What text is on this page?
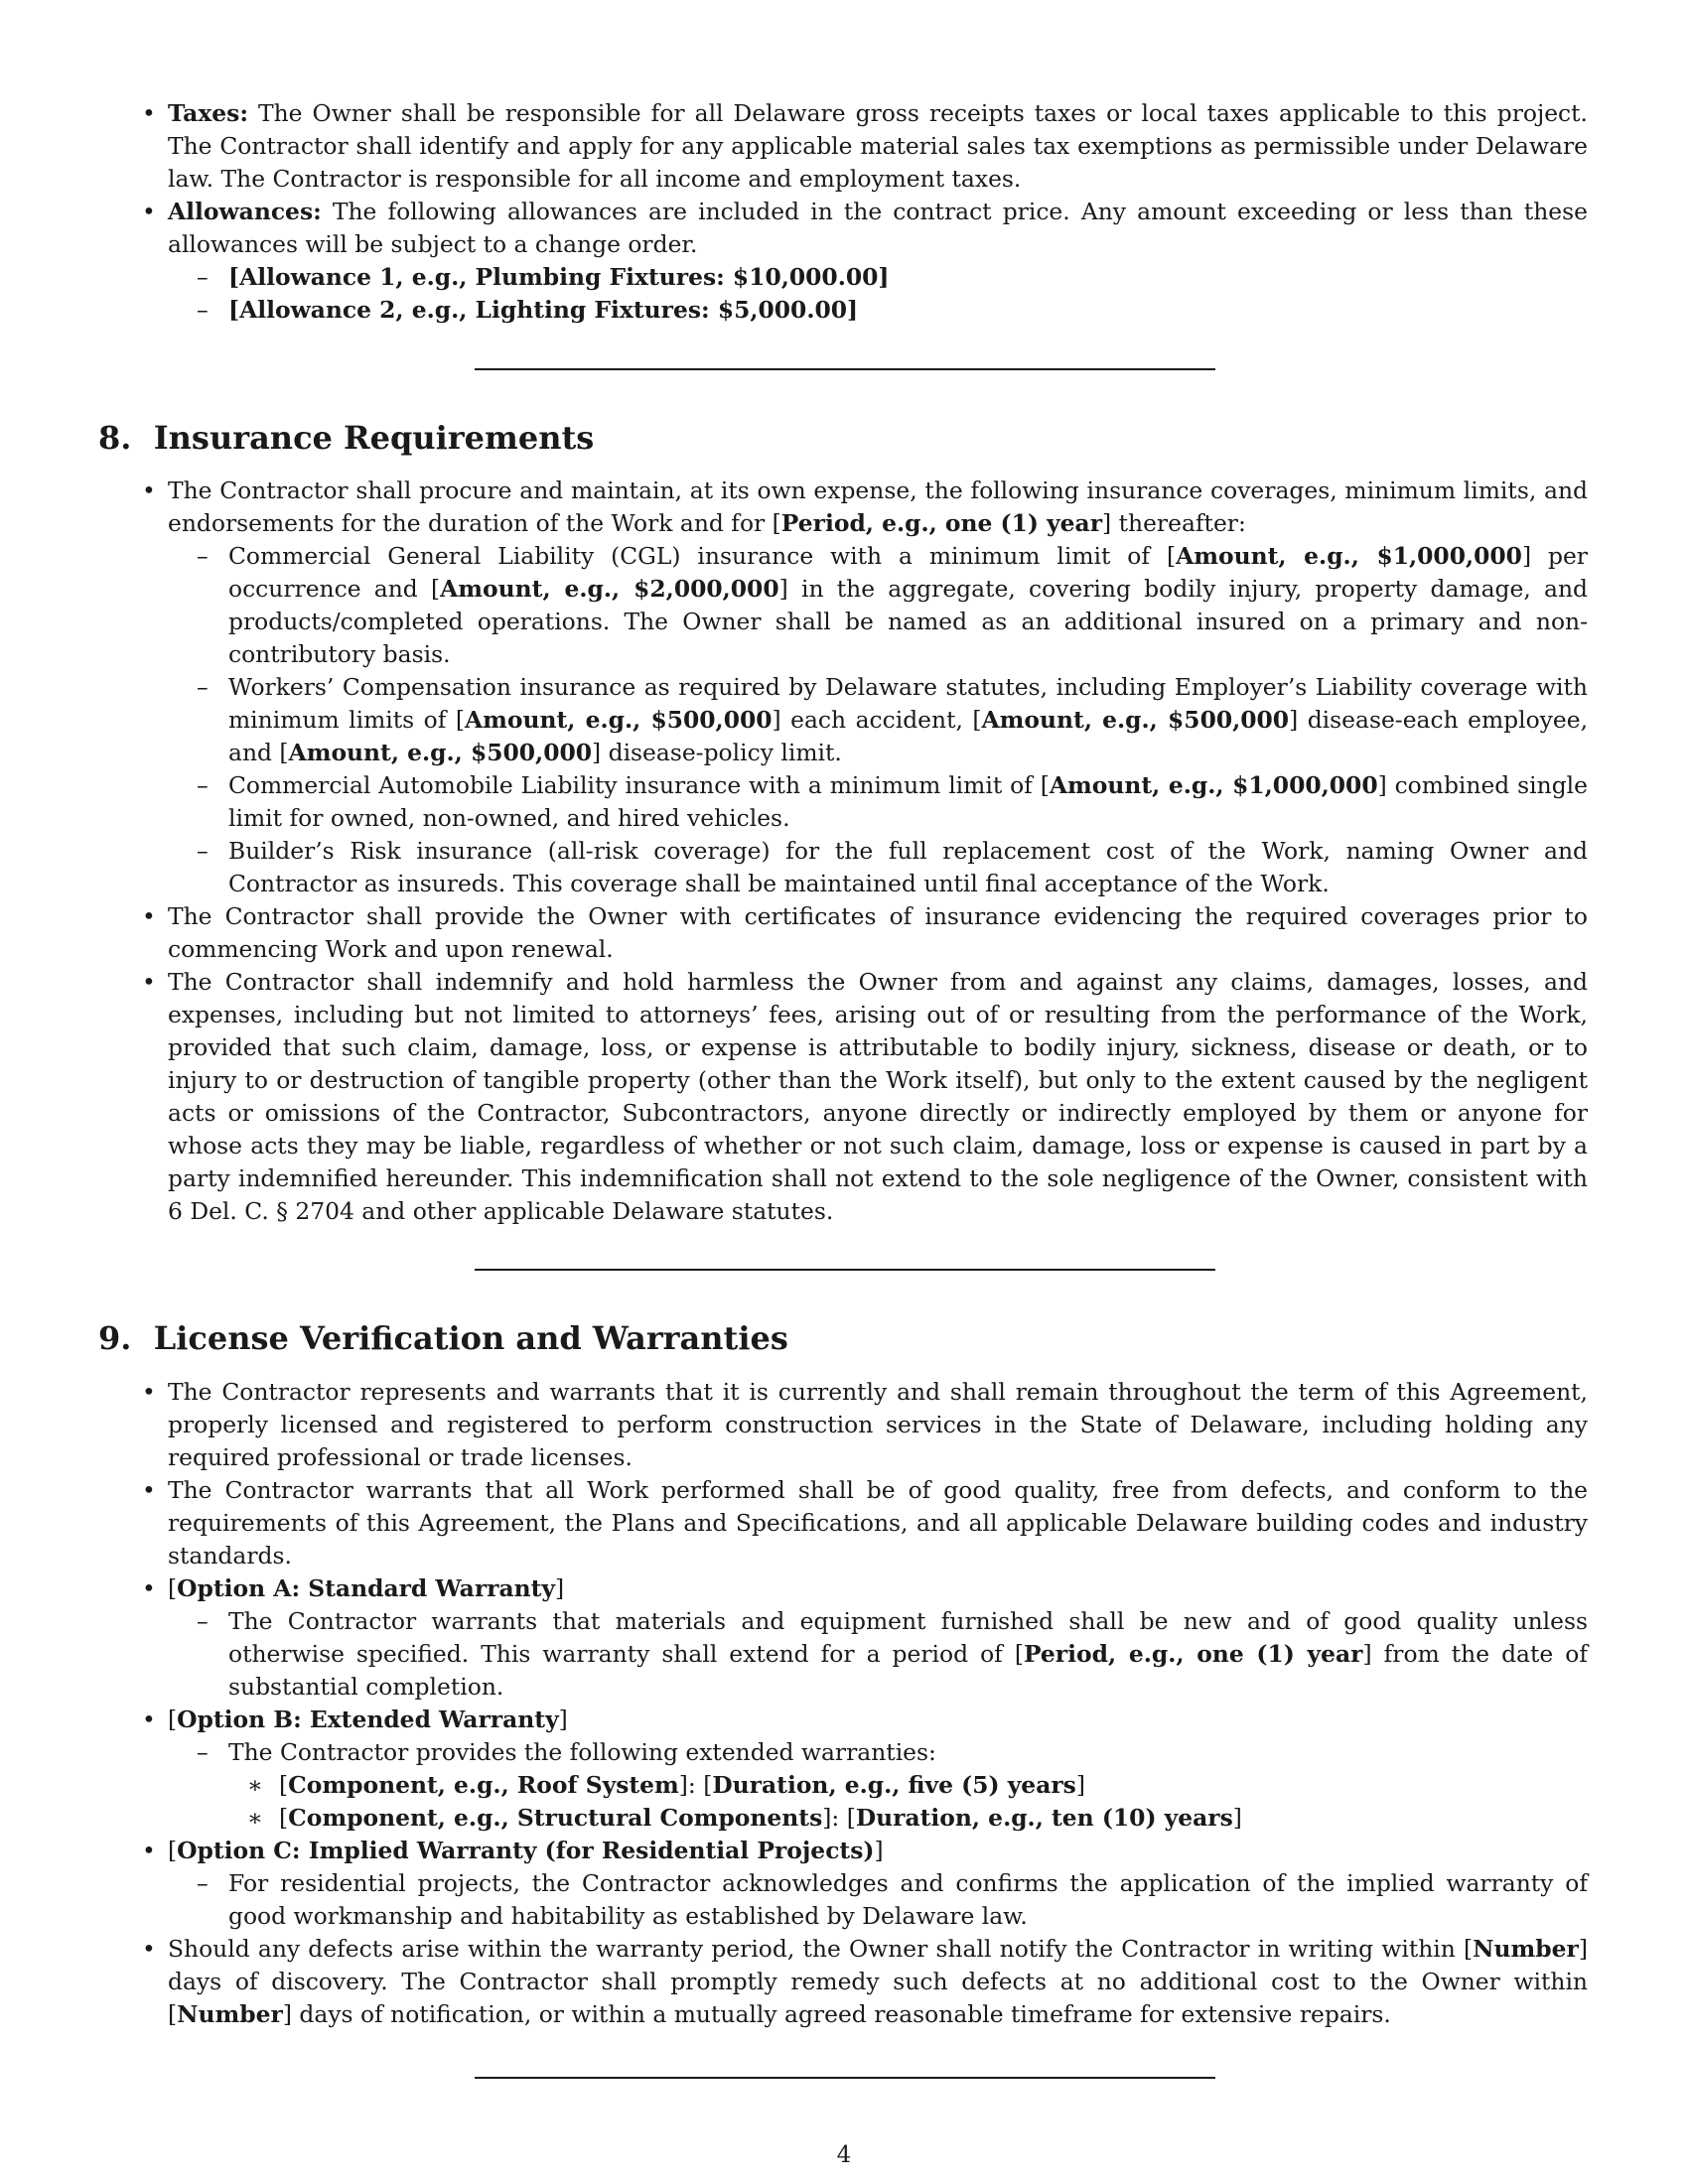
• Taxes: The Owner shall be responsible for all Delaware gross receipts taxes or local taxes applicable to this project. The Contractor shall identify and apply for any applicable material sales tax exemptions as permissible under Delaware law. The Contractor is responsible for all income and employment taxes.
• Allowances: The following allowances are included in the contract price. Any amount exceeding or less than these allowances will be subject to a change order.
– [Allowance 1, e.g., Plumbing Fixtures: $10,000.00]
– [Allowance 2, e.g., Lighting Fixtures: $5,000.00]
8. Insurance Requirements
• The Contractor shall procure and maintain, at its own expense, the following insurance coverages, minimum limits, and endorsements for the duration of the Work and for [Period, e.g., one (1) year] thereafter:
– Commercial General Liability (CGL) insurance with a minimum limit of [Amount, e.g., $1,000,000] per occurrence and [Amount, e.g., $2,000,000] in the aggregate, covering bodily injury, property damage, and products/completed operations. The Owner shall be named as an additional insured on a primary and non-contributory basis.
– Workers’ Compensation insurance as required by Delaware statutes, including Employer’s Liability coverage with minimum limits of [Amount, e.g., $500,000] each accident, [Amount, e.g., $500,000] disease-each employee, and [Amount, e.g., $500,000] disease-policy limit.
– Commercial Automobile Liability insurance with a minimum limit of [Amount, e.g., $1,000,000] combined single limit for owned, non-owned, and hired vehicles.
– Builder’s Risk insurance (all-risk coverage) for the full replacement cost of the Work, naming Owner and Contractor as insureds. This coverage shall be maintained until final acceptance of the Work.
• The Contractor shall provide the Owner with certificates of insurance evidencing the required coverages prior to commencing Work and upon renewal.
• The Contractor shall indemnify and hold harmless the Owner from and against any claims, damages, losses, and expenses, including but not limited to attorneys’ fees, arising out of or resulting from the performance of the Work, provided that such claim, damage, loss, or expense is attributable to bodily injury, sickness, disease or death, or to injury to or destruction of tangible property (other than the Work itself), but only to the extent caused by the negligent acts or omissions of the Contractor, Subcontractors, anyone directly or indirectly employed by them or anyone for whose acts they may be liable, regardless of whether or not such claim, damage, loss or expense is caused in part by a party indemnified hereunder. This indemnification shall not extend to the sole negligence of the Owner, consistent with 6 Del. C. § 2704 and other applicable Delaware statutes.
9. License Verification and Warranties
• The Contractor represents and warrants that it is currently and shall remain throughout the term of this Agreement, properly licensed and registered to perform construction services in the State of Delaware, including holding any required professional or trade licenses.
• The Contractor warrants that all Work performed shall be of good quality, free from defects, and conform to the requirements of this Agreement, the Plans and Specifications, and all applicable Delaware building codes and industry standards.
• [Option A: Standard Warranty]
– The Contractor warrants that materials and equipment furnished shall be new and of good quality unless otherwise specified. This warranty shall extend for a period of [Period, e.g., one (1) year] from the date of substantial completion.
• [Option B: Extended Warranty]
– The Contractor provides the following extended warranties:
∗ [Component, e.g., Roof System]: [Duration, e.g., five (5) years]
∗ [Component, e.g., Structural Components]: [Duration, e.g., ten (10) years]
• [Option C: Implied Warranty (for Residential Projects)]
– For residential projects, the Contractor acknowledges and confirms the application of the implied warranty of good workmanship and habitability as established by Delaware law.
• Should any defects arise within the warranty period, the Owner shall notify the Contractor in writing within [Number] days of discovery. The Contractor shall promptly remedy such defects at no additional cost to the Owner within [Number] days of notification, or within a mutually agreed reasonable timeframe for extensive repairs.
4
